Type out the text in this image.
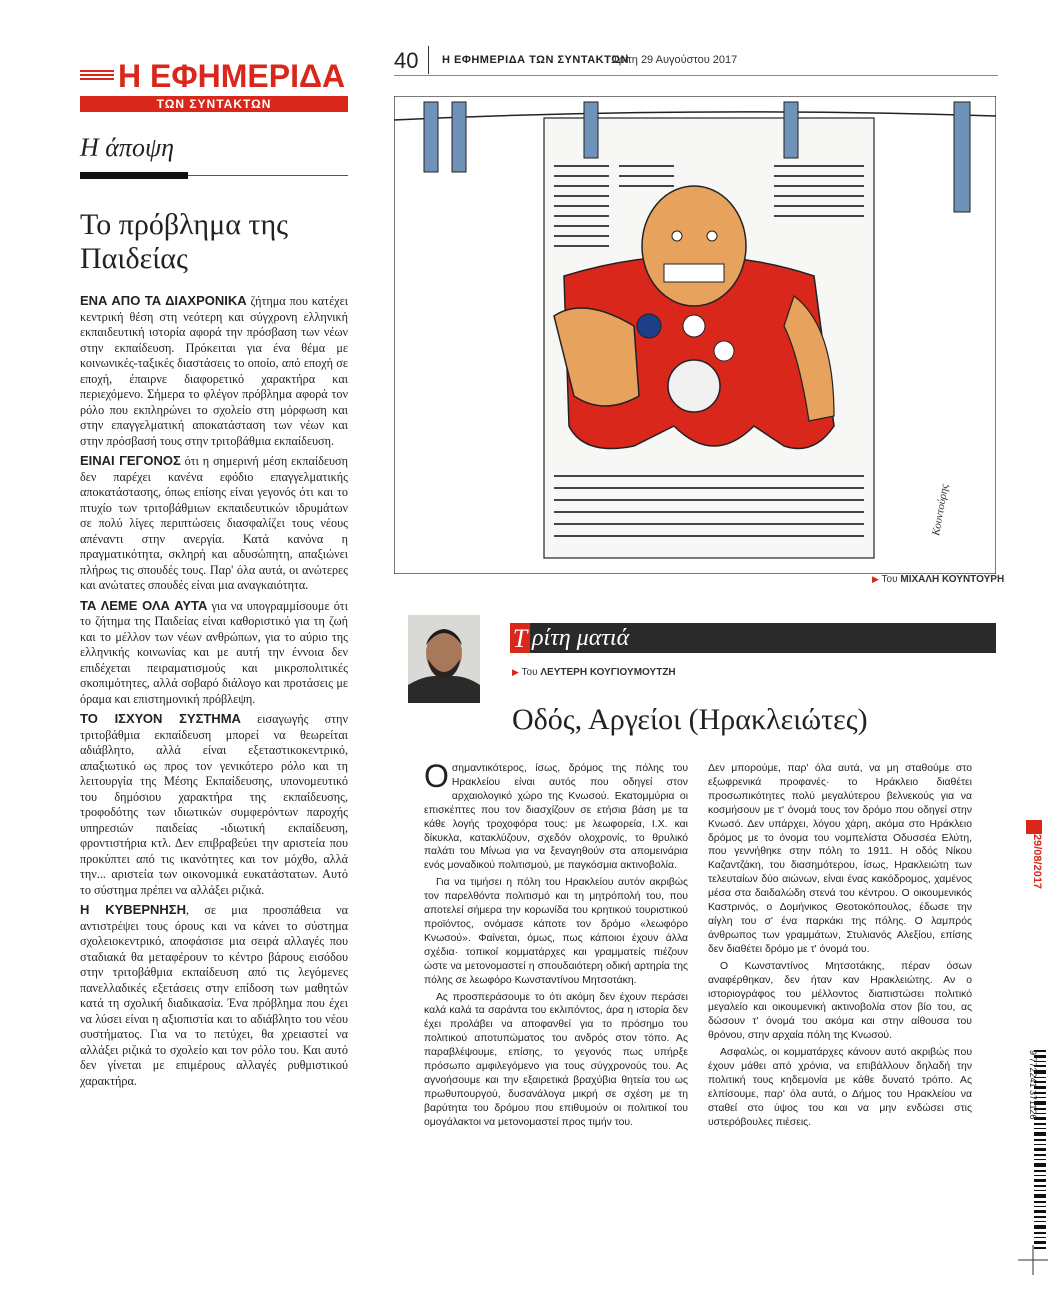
Η ΕΦΗΜΕΡΙΔΑ
ΤΩΝ ΣΥΝΤΑΚΤΩΝ
40 Η ΕΦΗΜΕΡΙΔΑ ΤΩΝ ΣΥΝΤΑΚΤΩΝ
Τρίτη 29 Αυγούστου 2017
Η άποψη
Το πρόβλημα της Παιδείας

ΕΝΑ ΑΠΟ ΤΑ ΔΙΑΧΡΟΝΙΚΑ ζήτημα που κατέχει κεντρική θέση στη νεότερη και σύγχρονη ελληνική εκπαιδευτική ιστορία αφορά την πρόσβαση των νέων στην εκπαίδευση. Πρόκειται για ένα θέμα με κοινωνικές-ταξικές διαστάσεις το οποίο, από εποχή σε εποχή, έπαιρνε διαφορετικό χαρακτήρα και περιεχόμενο. Σήμερα το φλέγον πρόβλημα αφορά τον ρόλο που εκπληρώνει το σχολείο στη μόρφωση και στην επαγγελματική αποκατάσταση των νέων και στην πρόσβασή τους στην τριτοβάθμια εκπαίδευση.

ΕΙΝΑΙ ΓΕΓΟΝΟΣ ότι η σημερινή μέση εκπαίδευση δεν παρέχει κανένα εφόδιο επαγγελματικής αποκατάστασης, όπως επίσης είναι γεγονός ότι και το πτυχίο των τριτοβάθμιων εκπαιδευτικών ιδρυμάτων σε πολύ λίγες περιπτώσεις διασφαλίζει τους νέους απέναντι στην ανεργία. Κατά κανόνα η πραγματικότητα, σκληρή και αδυσώπητη, απαξιώνει πλήρως τις σπουδές τους. Παρ' όλα αυτά, οι ανώτερες και ανώτατες σπουδές είναι μια αναγκαιότητα.

ΤΑ ΛΕΜΕ ΟΛΑ ΑΥΤΑ για να υπογραμμίσουμε ότι το ζήτημα της Παιδείας είναι καθοριστικό για τη ζωή και το μέλλον των νέων ανθρώπων, για το αύριο της ελληνικής κοινωνίας και με αυτή την έννοια δεν επιδέχεται πειραματισμούς και μικροπολιτικές σκοπιμότητες, αλλά σοβαρό διάλογο και προτάσεις με όραμα και επιστημονική πρόβλεψη.

ΤΟ ΙΣΧΥΟΝ ΣΥΣΤΗΜΑ εισαγωγής στην τριτοβάθμια εκπαίδευση μπορεί να θεωρείται αδιάβλητο, αλλά είναι εξεταστικοκεντρικό, απαξιωτικό ως προς τον γενικότερο ρόλο και τη λειτουργία της Μέσης Εκπαίδευσης, υπονομευτικό του δημόσιου χαρακτήρα της εκπαίδευσης, τροφοδότης των ιδιωτικών συμφερόντων παροχής υπηρεσιών παιδείας -ιδιωτική εκπαίδευση, φροντιστήρια κτλ. Δεν επιβραβεύει την αριστεία που προκύπτει από τις ικανότητες και τον μόχθο, αλλά την... αριστεία των οικονομικά ευκατάστατων. Αυτό το σύστημα πρέπει να αλλάξει ριζικά.

Η ΚΥΒΕΡΝΗΣΗ, σε μια προσπάθεια να αντιστρέψει τους όρους και να κάνει το σύστημα σχολειοκεντρικό, αποφάσισε μια σειρά αλλαγές που σταδιακά θα μεταφέρουν το κέντρο βάρους εισόδου στην τριτοβάθμια εκπαίδευση από τις λεγόμενες πανελλαδικές εξετάσεις στην επίδοση των μαθητών κατά τη σχολική διαδικασία. Ένα πρόβλημα που έχει να λύσει είναι η αξιοπιστία και το αδιάβλητο του νέου συστήματος. Για να το πετύχει, θα χρειαστεί να αλλάξει ριζικά το σχολείο και τον ρόλο του. Και αυτό δεν γίνεται με επιμέρους αλλαγές ρυθμιστικού χαρακτήρα.

Κουντούρης
▶ Του ΜΙΧΑΛΗ ΚΟΥΝΤΟΥΡΗ
Τ ρίτη ματιά
▶ Του ΛΕΥΤΕΡΗ ΚΟΥΓΙΟΥΜΟΥΤΖΗ
Οδός, Αργείοι (Ηρακλειώτες)

Οσημαντικότερος, ίσως, δρόμος της πόλης του Ηρακλείου είναι αυτός που οδηγεί στον αρχαιολογικό χώρο της Κνωσού. Εκατομμύρια οι επισκέπτες που τον διασχίζουν σε ετήσια βάση με τα κάθε λογής τροχοφόρα τους: με λεωφορεία, Ι.Χ. και δίκυκλα, κατακλύζουν, σχεδόν ολοχρονίς, το θρυλικό παλάτι του Μίνωα για να ξεναγηθούν στα απομεινάρια ενός μοναδικού πολιτισμού, με παγκόσμια ακτινοβολία.

Για να τιμήσει η πόλη του Ηρακλείου αυτόν ακριβώς τον παρελθόντα πολιτισμό και τη μητρόπολή του, που αποτελεί σήμερα την κορωνίδα του κρητικού τουριστικού προϊόντος, ονόμασε κάποτε τον δρόμο «λεωφόρο Κνωσού». Φαίνεται, όμως, πως κάποιοι έχουν άλλα σχέδια· τοπικοί κομματάρχες και γραμματείς πιέζουν ώστε να μετονομαστεί η σπουδαιότερη οδική αρτηρία της πόλης σε λεωφόρο Κωνσταντίνου Μητσοτάκη.

Ας προσπεράσουμε το ότι ακόμη δεν έχουν περάσει καλά καλά τα σαράντα του εκλιπόντος, άρα η ιστορία δεν έχει προλάβει να αποφανθεί για το πρόσημο του πολιτικού αποτυπώματος του ανδρός στον τόπο. Ας παραβλέψουμε, επίσης, το γεγονός πως υπήρξε πρόσωπο αμφιλεγόμενο για τους σύγχρονούς του. Ας αγνοήσουμε και την εξαιρετικά βραχύβια θητεία του ως πρωθυπουργού, δυσανάλογα μικρή σε σχέση με τη βαρύτητα του δρόμου που επιθυμούν οι πολιτικοί του ομογάλακτοι να μετονομαστεί προς τιμήν του.

Δεν μπορούμε, παρ' όλα αυτά, να μη σταθούμε στο εξωφρενικά προφανές· το Ηράκλειο διαθέτει προσωπικότητες πολύ μεγαλύτερου βελνεκούς για να κοσμήσουν με τ' όνομά τους τον δρόμο που οδηγεί στην Κνωσό. Δεν υπάρχει, λόγου χάρη, ακόμα στο Ηράκλειο δρόμος με το όνομα του νομπελίστα Οδυσσέα Ελύτη, που γεννήθηκε στην πόλη το 1911. Η οδός Νίκου Καζαντζάκη, του διασημότερου, ίσως, Ηρακλειώτη των τελευταίων δύο αιώνων, είναι ένας κακόδρομος, χαμένος μέσα στα δαιδαλώδη στενά του κέντρου. Ο οικουμενικός Καστρινός, ο Δομήνικος Θεοτοκόπουλος, έδωσε την αίγλη του σ' ένα παρκάκι της πόλης. Ο λαμπρός άνθρωπος των γραμμάτων, Στυλιανός Αλεξίου, επίσης δεν διαθέτει δρόμο με τ' όνομά του.

Ο Κωνσταντίνος Μητσοτάκης, πέραν όσων αναφέρθηκαν, δεν ήταν καν Ηρακλειώτης. Αν ο ιστοριογράφος του μέλλοντος διαπιστώσει πολιτικό μεγαλείο και οικουμενική ακτινοβολία στον βίο του, ας δώσουν τ' όνομά του ακόμα και στην αίθουσα του θρόνου, στην αρχαία πόλη της Κνωσού.

Ασφαλώς, οι κομματάρχες κάνουν αυτό ακριβώς που έχουν μάθει από χρόνια, να επιβάλλουν δηλαδή την πολιτική τους κηδεμονία με κάθε δυνατό τρόπο. Ας ελπίσουμε, παρ' όλα αυτά, ο Δήμος του Ηρακλείου να σταθεί στο ύψος του και να μην ενδώσει στις υστερόβουλες πιέσεις.

29/08/2017
9 772241 371126
